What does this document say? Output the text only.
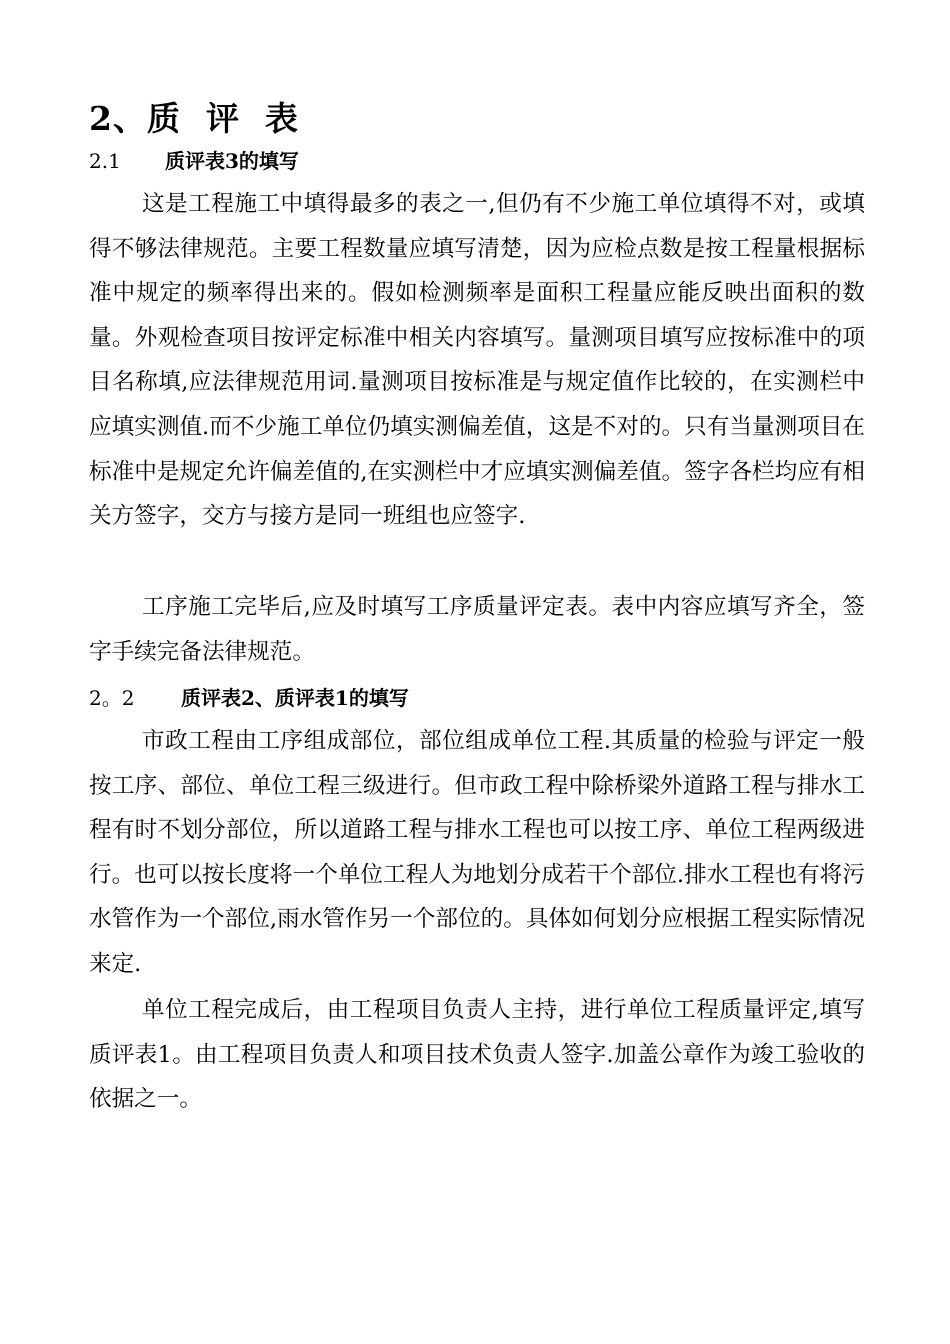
2、质  评  表
2.1 质评表3的填写

这是工程施工中填得最多的表之一,但仍有不少施工单位填得不对，或填得不够法律规范。主要工程数量应填写清楚，因为应检点数是按工程量根据标准中规定的频率得出来的。假如检测频率是面积工程量应能反映出面积的数量。外观检查项目按评定标准中相关内容填写。量测项目填写应按标准中的项目名称填,应法律规范用词.量测项目按标准是与规定值作比较的，在实测栏中应填实测值.而不少施工单位仍填实测偏差值，这是不对的。只有当量测项目在标准中是规定允许偏差值的,在实测栏中才应填实测偏差值。签字各栏均应有相关方签字，交方与接方是同一班组也应签字.

工序施工完毕后,应及时填写工序质量评定表。表中内容应填写齐全，签字手续完备法律规范。

2。2 质评表2、质评表1的填写

市政工程由工序组成部位，部位组成单位工程.其质量的检验与评定一般按工序、部位、单位工程三级进行。但市政工程中除桥梁外道路工程与排水工程有时不划分部位，所以道路工程与排水工程也可以按工序、单位工程两级进行。也可以按长度将一个单位工程人为地划分成若干个部位.排水工程也有将污水管作为一个部位,雨水管作另一个部位的。具体如何划分应根据工程实际情况来定.

单位工程完成后，由工程项目负责人主持，进行单位工程质量评定,填写质评表1。由工程项目负责人和项目技术负责人签字.加盖公章作为竣工验收的依据之一。
